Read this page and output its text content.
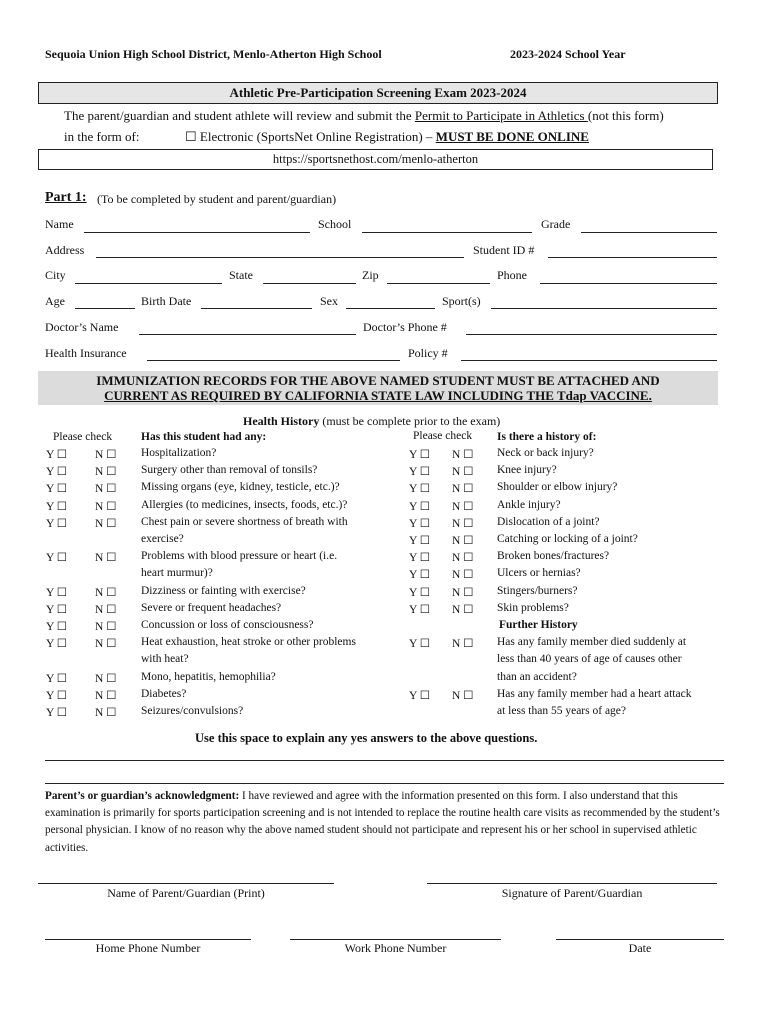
Sequoia Union High School District, Menlo-Atherton High School	2023-2024 School Year
Athletic Pre-Participation Screening Exam 2023-2024
The parent/guardian and student athlete will review and submit the Permit to Participate in Athletics (not this form)
in the form of:	☐ Electronic (SportsNet Online Registration) – MUST BE DONE ONLINE
https://sportsnethost.com/menlo-atherton
Part 1: (To be completed by student and parent/guardian)
Name	School	Grade
Address	Student ID #
City	State	Zip	Phone
Age	Birth Date	Sex	Sport(s)
Doctor’s Name	Doctor’s Phone #
Health Insurance	Policy #
IMMUNIZATION RECORDS FOR THE ABOVE NAMED STUDENT MUST BE ATTACHED AND
CURRENT AS REQUIRED BY CALIFORNIA STATE LAW INCLUDING THE Tdap VACCINE.
Health History (must be complete prior to the exam)
Please check	Has this student had any:	Please check Is there a history of:
Y ☐ N ☐ Hospitalization?
Y ☐ N ☐ Surgery other than removal of tonsils?
Y ☐ N ☐ Missing organs (eye, kidney, testicle, etc.)?
Y ☐ N ☐ Allergies (to medicines, insects, foods, etc.)?
Y ☐ N ☐ Chest pain or severe shortness of breath with
exercise?
Y ☐ N ☐ Problems with blood pressure or heart (i.e.
heart murmur)?
Y ☐ N ☐ Dizziness or fainting with exercise?
Y ☐ N ☐ Severe or frequent headaches?
Y ☐ N ☐ Concussion or loss of consciousness?
Y ☐ N ☐ Heat exhaustion, heat stroke or other problems
with heat?
Y ☐ N ☐ Mono, hepatitis, hemophilia?
Y ☐ N ☐ Diabetes?
Y ☐ N ☐ Seizures/convulsions?
Y ☐ N ☐ Neck or back injury?
Y ☐ N ☐ Knee injury?
Y ☐ N ☐ Shoulder or elbow injury?
Y ☐ N ☐ Ankle injury?
Y ☐ N ☐ Dislocation of a joint?
Y ☐ N ☐ Catching or locking of a joint?
Y ☐ N ☐ Broken bones/fractures?
Y ☐ N ☐ Ulcers or hernias?
Y ☐ N ☐ Stingers/burners?
Y ☐ N ☐ Skin problems?
Further History
Y ☐ N ☐ Has any family member died suddenly at
less than 40 years of age of causes other
than an accident?
Y ☐ N ☐ Has any family member had a heart attack
at less than 55 years of age?
Use this space to explain any yes answers to the above questions.
Parent’s or guardian’s acknowledgment: I have reviewed and agree with the information presented on this form. I also understand that this examination is primarily for sports participation screening and is not intended to replace the routine health care visits as recommended by the student’s personal physician. I know of no reason why the above named student should not participate and represent his or her school in supervised athletic activities.
Name of Parent/Guardian (Print)	Signature of Parent/Guardian
Home Phone Number	Work Phone Number	Date
